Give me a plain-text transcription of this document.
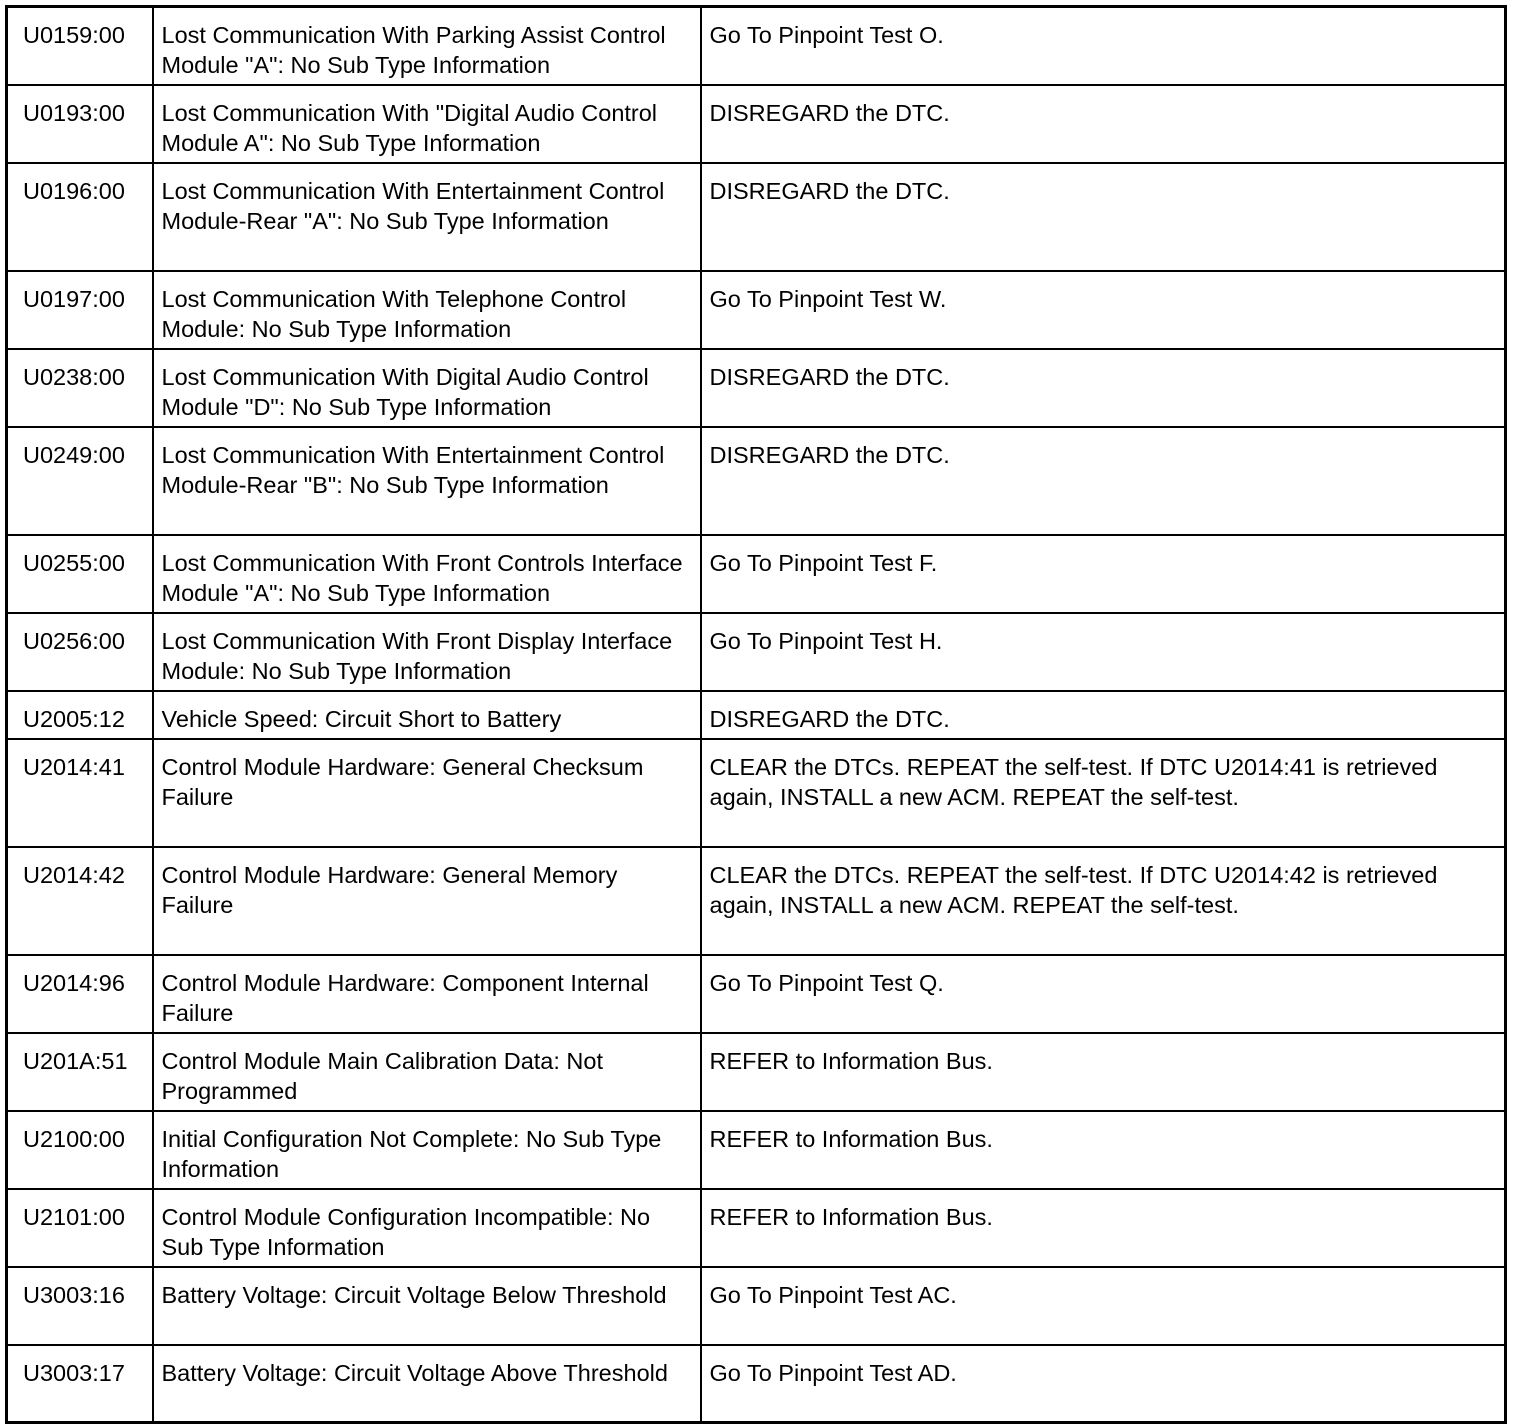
U0159:00	Lost Communication With Parking Assist Control Module "A": No Sub Type Information	Go To Pinpoint Test O.
U0193:00	Lost Communication With "Digital Audio Control Module A": No Sub Type Information	DISREGARD the DTC.
U0196:00	Lost Communication With Entertainment Control Module-Rear "A": No Sub Type Information	DISREGARD the DTC.
U0197:00	Lost Communication With Telephone Control Module: No Sub Type Information	Go To Pinpoint Test W.
U0238:00	Lost Communication With Digital Audio Control Module "D": No Sub Type Information	DISREGARD the DTC.
U0249:00	Lost Communication With Entertainment Control Module-Rear "B": No Sub Type Information	DISREGARD the DTC.
U0255:00	Lost Communication With Front Controls Interface Module "A": No Sub Type Information	Go To Pinpoint Test F.
U0256:00	Lost Communication With Front Display Interface Module: No Sub Type Information	Go To Pinpoint Test H.
U2005:12	Vehicle Speed: Circuit Short to Battery	DISREGARD the DTC.
U2014:41	Control Module Hardware: General Checksum Failure	CLEAR the DTCs. REPEAT the self-test. If DTC U2014:41 is retrieved again, INSTALL a new ACM. REPEAT the self-test.
U2014:42	Control Module Hardware: General Memory Failure	CLEAR the DTCs. REPEAT the self-test. If DTC U2014:42 is retrieved again, INSTALL a new ACM. REPEAT the self-test.
U2014:96	Control Module Hardware: Component Internal Failure	Go To Pinpoint Test Q.
U201A:51	Control Module Main Calibration Data: Not Programmed	REFER to Information Bus.
U2100:00	Initial Configuration Not Complete: No Sub Type Information	REFER to Information Bus.
U2101:00	Control Module Configuration Incompatible: No Sub Type Information	REFER to Information Bus.
U3003:16	Battery Voltage: Circuit Voltage Below Threshold	Go To Pinpoint Test AC.
U3003:17	Battery Voltage: Circuit Voltage Above Threshold	Go To Pinpoint Test AD.
